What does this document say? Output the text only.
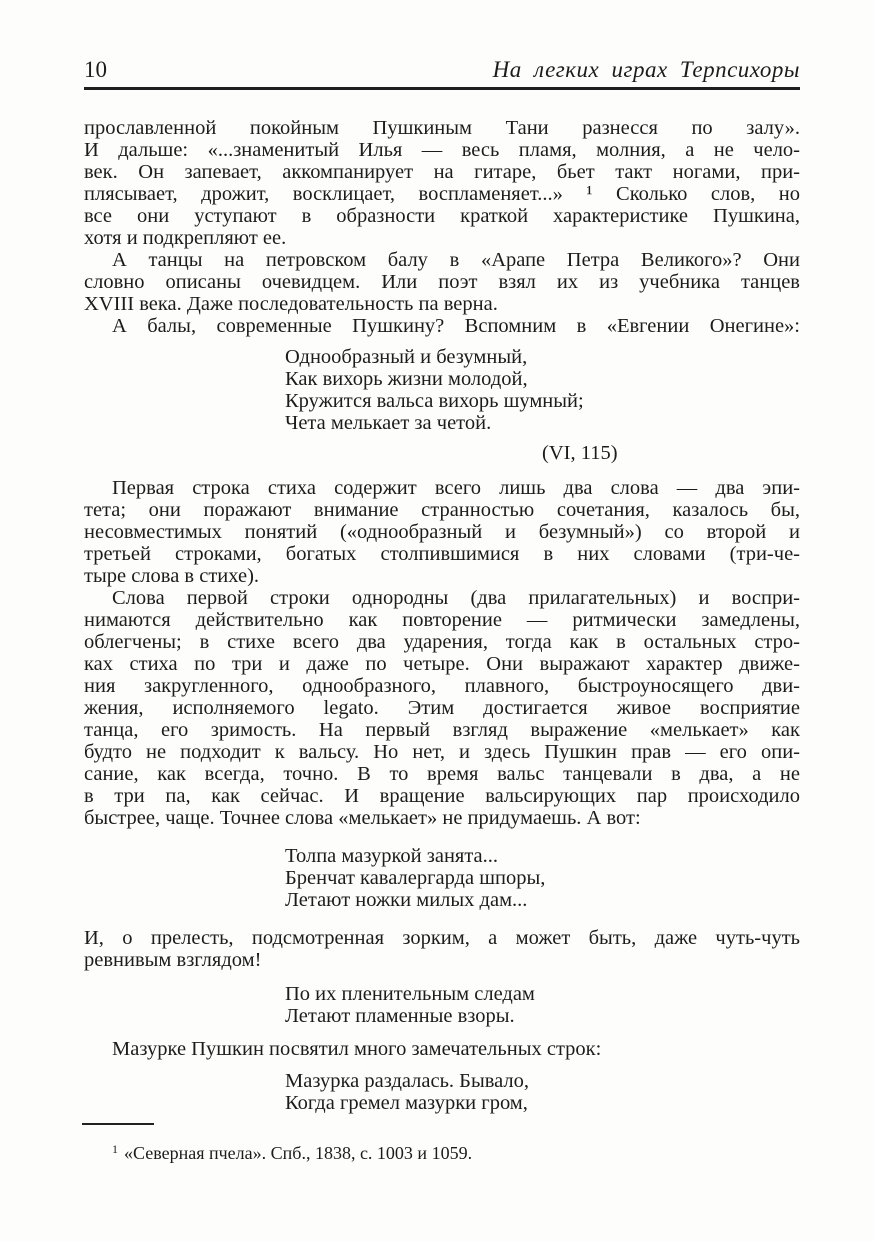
10	На легких играх Терпсихоры
прославленной покойным Пушкиным Тани разнесся по залу».
И дальше: «...знаменитый Илья — весь пламя, молния, а не чело-
век. Он запевает, аккомпанирует на гитаре, бьет такт ногами, при-
плясывает, дрожит, восклицает, воспламеняет...» ¹ Сколько слов, но
все они уступают в образности краткой характеристике Пушкина,
хотя и подкрепляют ее.
А танцы на петровском балу в «Арапе Петра Великого»? Они
словно описаны очевидцем. Или поэт взял их из учебника танцев
XVIII века. Даже последовательность па верна.
А балы, современные Пушкину? Вспомним в «Евгении Онегине»:
Однообразный и безумный,
Как вихорь жизни молодой,
Кружится вальса вихорь шумный;
Чета мелькает за четой.
(VI, 115)
Первая строка стиха содержит всего лишь два слова — два эпи-
тета; они поражают внимание странностью сочетания, казалось бы,
несовместимых понятий («однообразный и безумный») со второй и
третьей строками, богатых столпившимися в них словами (три-че-
тыре слова в стихе).
Слова первой строки однородны (два прилагательных) и воспри-
нимаются действительно как повторение — ритмически замедлены,
облегчены; в стихе всего два ударения, тогда как в остальных стро-
ках стиха по три и даже по четыре. Они выражают характер движе-
ния закругленного, однообразного, плавного, быстроуносящего дви-
жения, исполняемого legato. Этим достигается живое восприятие
танца, его зримость. На первый взгляд выражение «мелькает» как
будто не подходит к вальсу. Но нет, и здесь Пушкин прав — его опи-
сание, как всегда, точно. В то время вальс танцевали в два, а не
в три па, как сейчас. И вращение вальсирующих пар происходило
быстрее, чаще. Точнее слова «мелькает» не придумаешь. А вот:
Толпа мазуркой занята...
Бренчат кавалергарда шпоры,
Летают ножки милых дам...
И, о прелесть, подсмотренная зорким, а может быть, даже чуть-чуть
ревнивым взглядом!
По их пленительным следам
Летают пламенные взоры.
Мазурке Пушкин посвятил много замечательных строк:
Мазурка раздалась. Бывало,
Когда гремел мазурки гром,
$^1$ «Северная пчела». Спб., 1838, с. 1003 и 1059.
